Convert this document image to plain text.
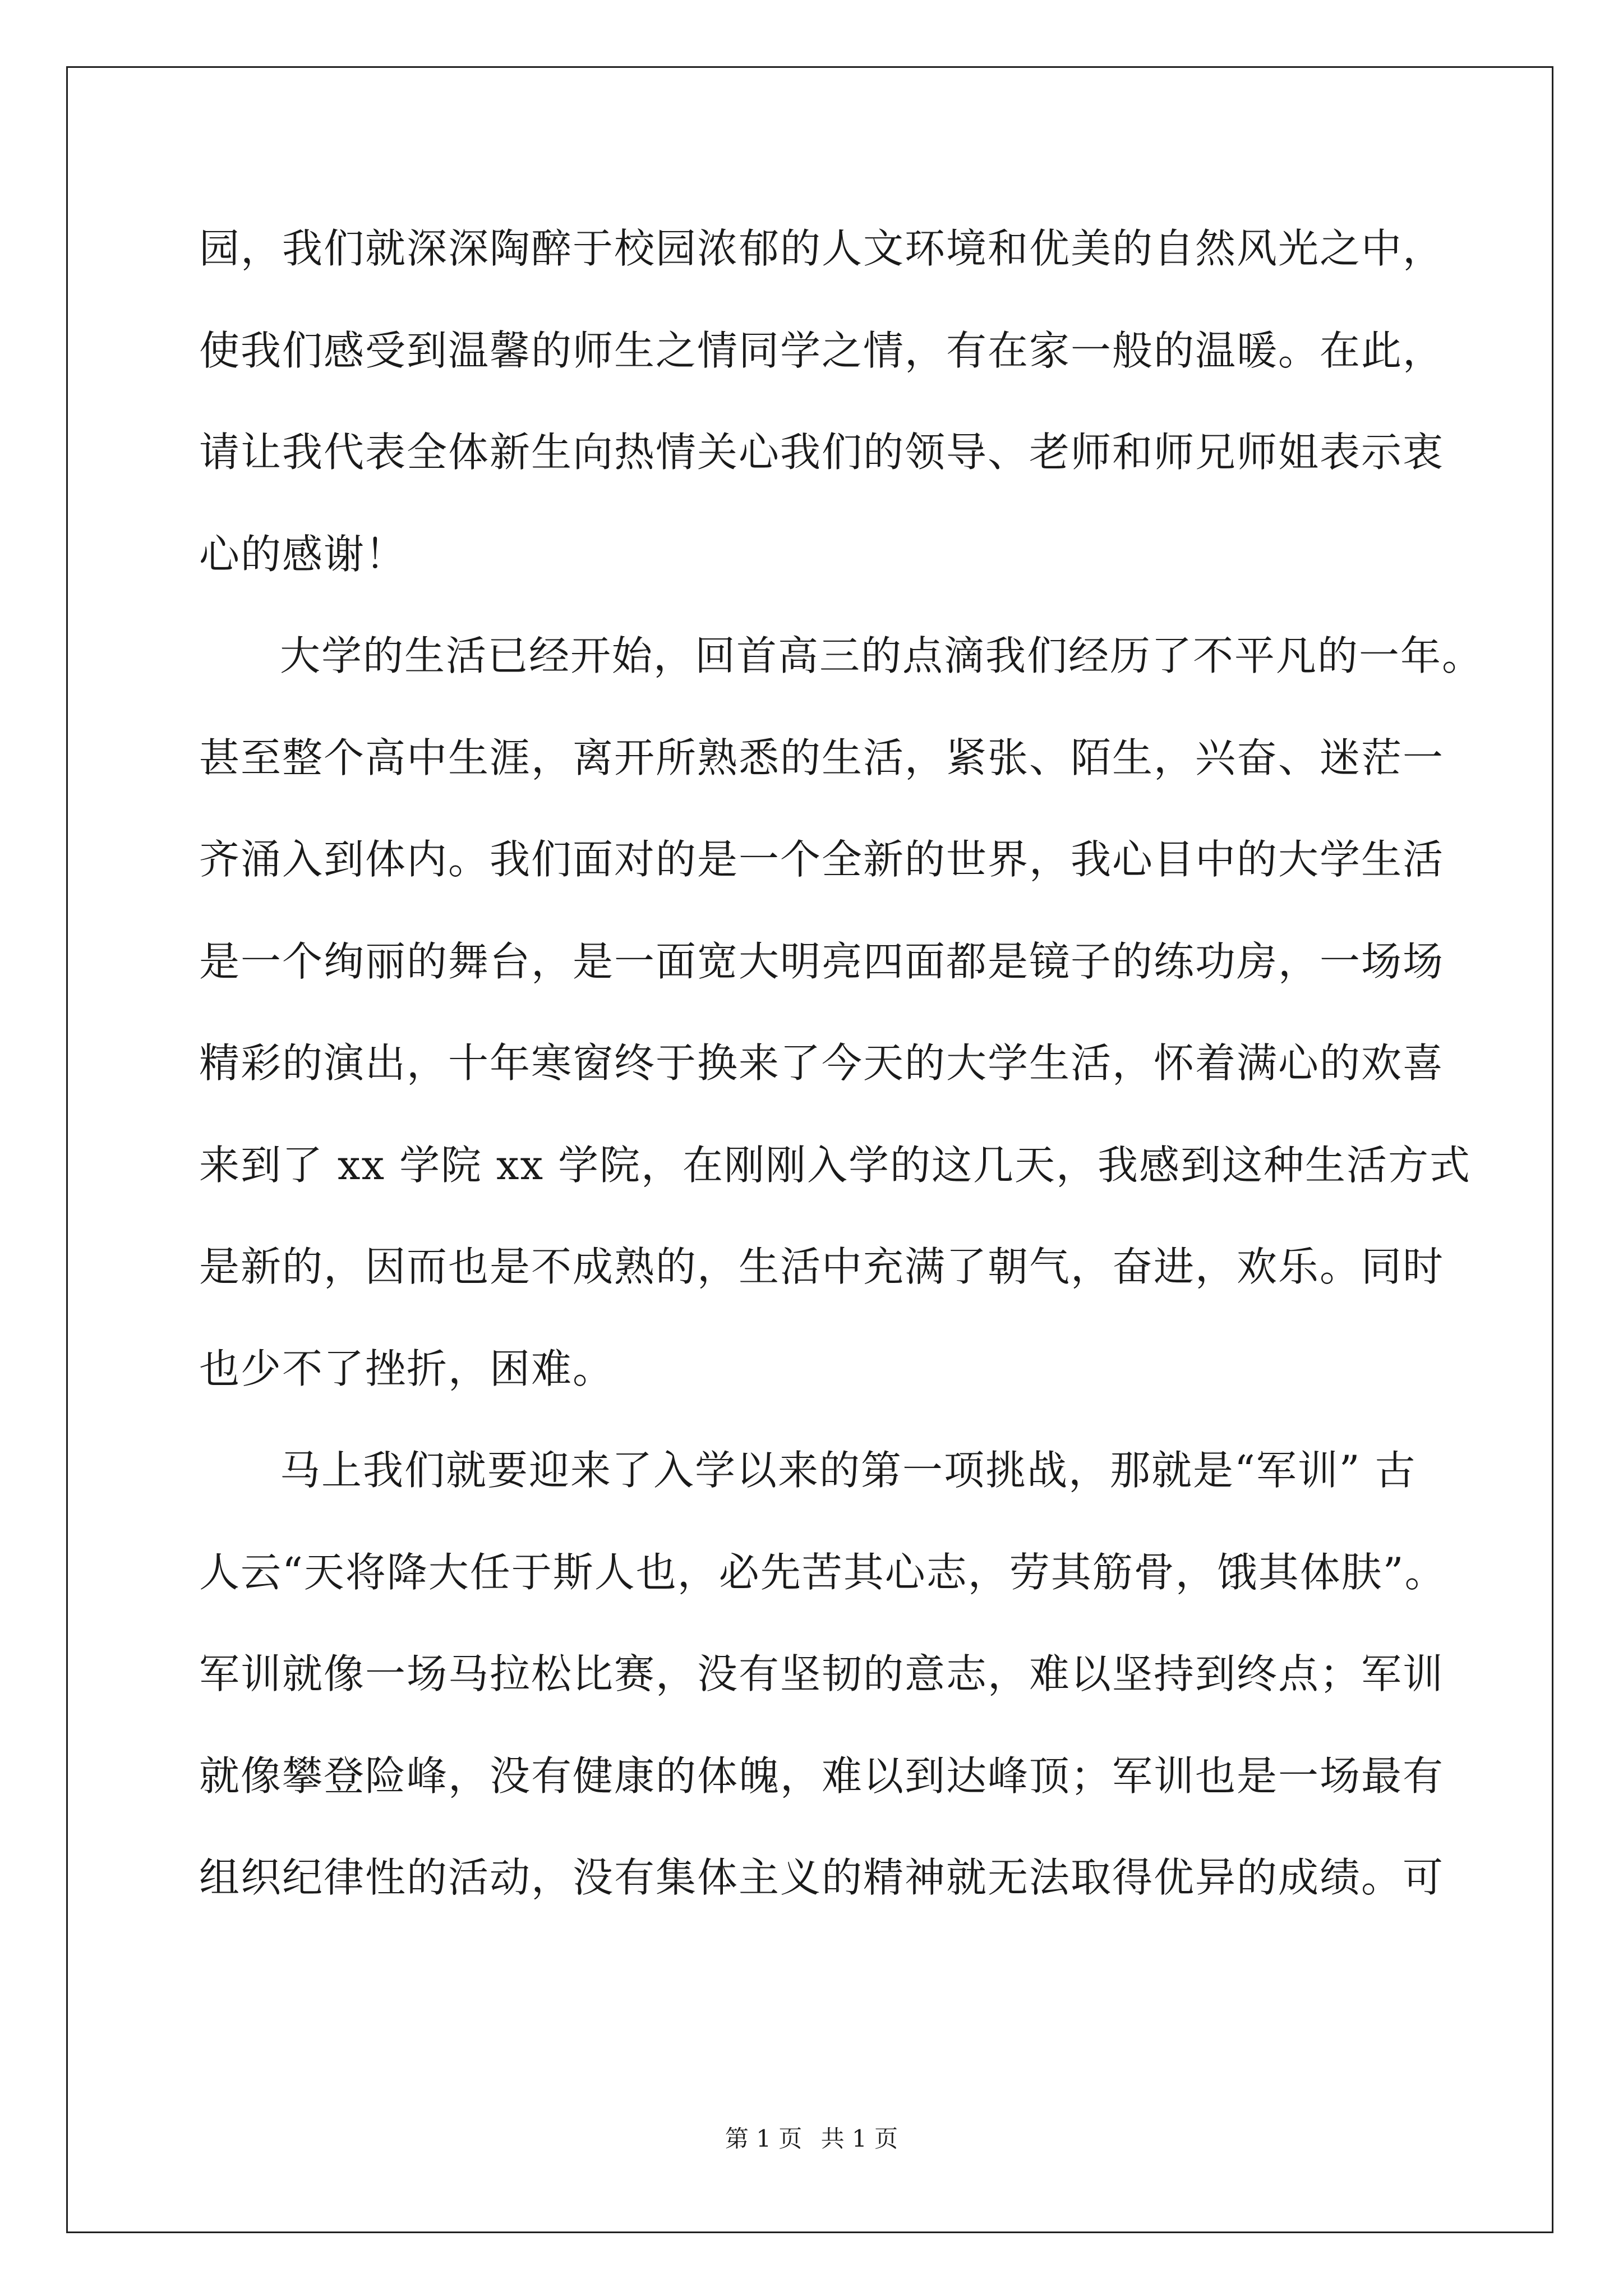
园，我们就深深陶醉于校园浓郁的人文环境和优美的自然风光之中，
使我们感受到温馨的师生之情同学之情，有在家一般的温暖。在此，
请让我代表全体新生向热情关心我们的领导、老师和师兄师姐表示衷
心的感谢！
大学的生活已经开始，回首高三的点滴我们经历了不平凡的一年。
甚至整个高中生涯，离开所熟悉的生活，紧张、陌生，兴奋、迷茫一
齐涌入到体内。我们面对的是一个全新的世界，我心目中的大学生活
是一个绚丽的舞台，是一面宽大明亮四面都是镜子的练功房，一场场
精彩的演出，十年寒窗终于换来了今天的大学生活，怀着满心的欢喜
来到了 xx 学院 xx 学院，在刚刚入学的这几天，我感到这种生活方式
是新的，因而也是不成熟的，生活中充满了朝气，奋进，欢乐。同时
也少不了挫折，困难。
马上我们就要迎来了入学以来的第一项挑战，那就是“军训” 古
人云“天将降大任于斯人也，必先苦其心志，劳其筋骨，饿其体肤”。
军训就像一场马拉松比赛，没有坚韧的意志，难以坚持到终点；军训
就像攀登险峰，没有健康的体魄，难以到达峰顶；军训也是一场最有
组织纪律性的活动，没有集体主义的精神就无法取得优异的成绩。可
第 1 页 共 1 页
